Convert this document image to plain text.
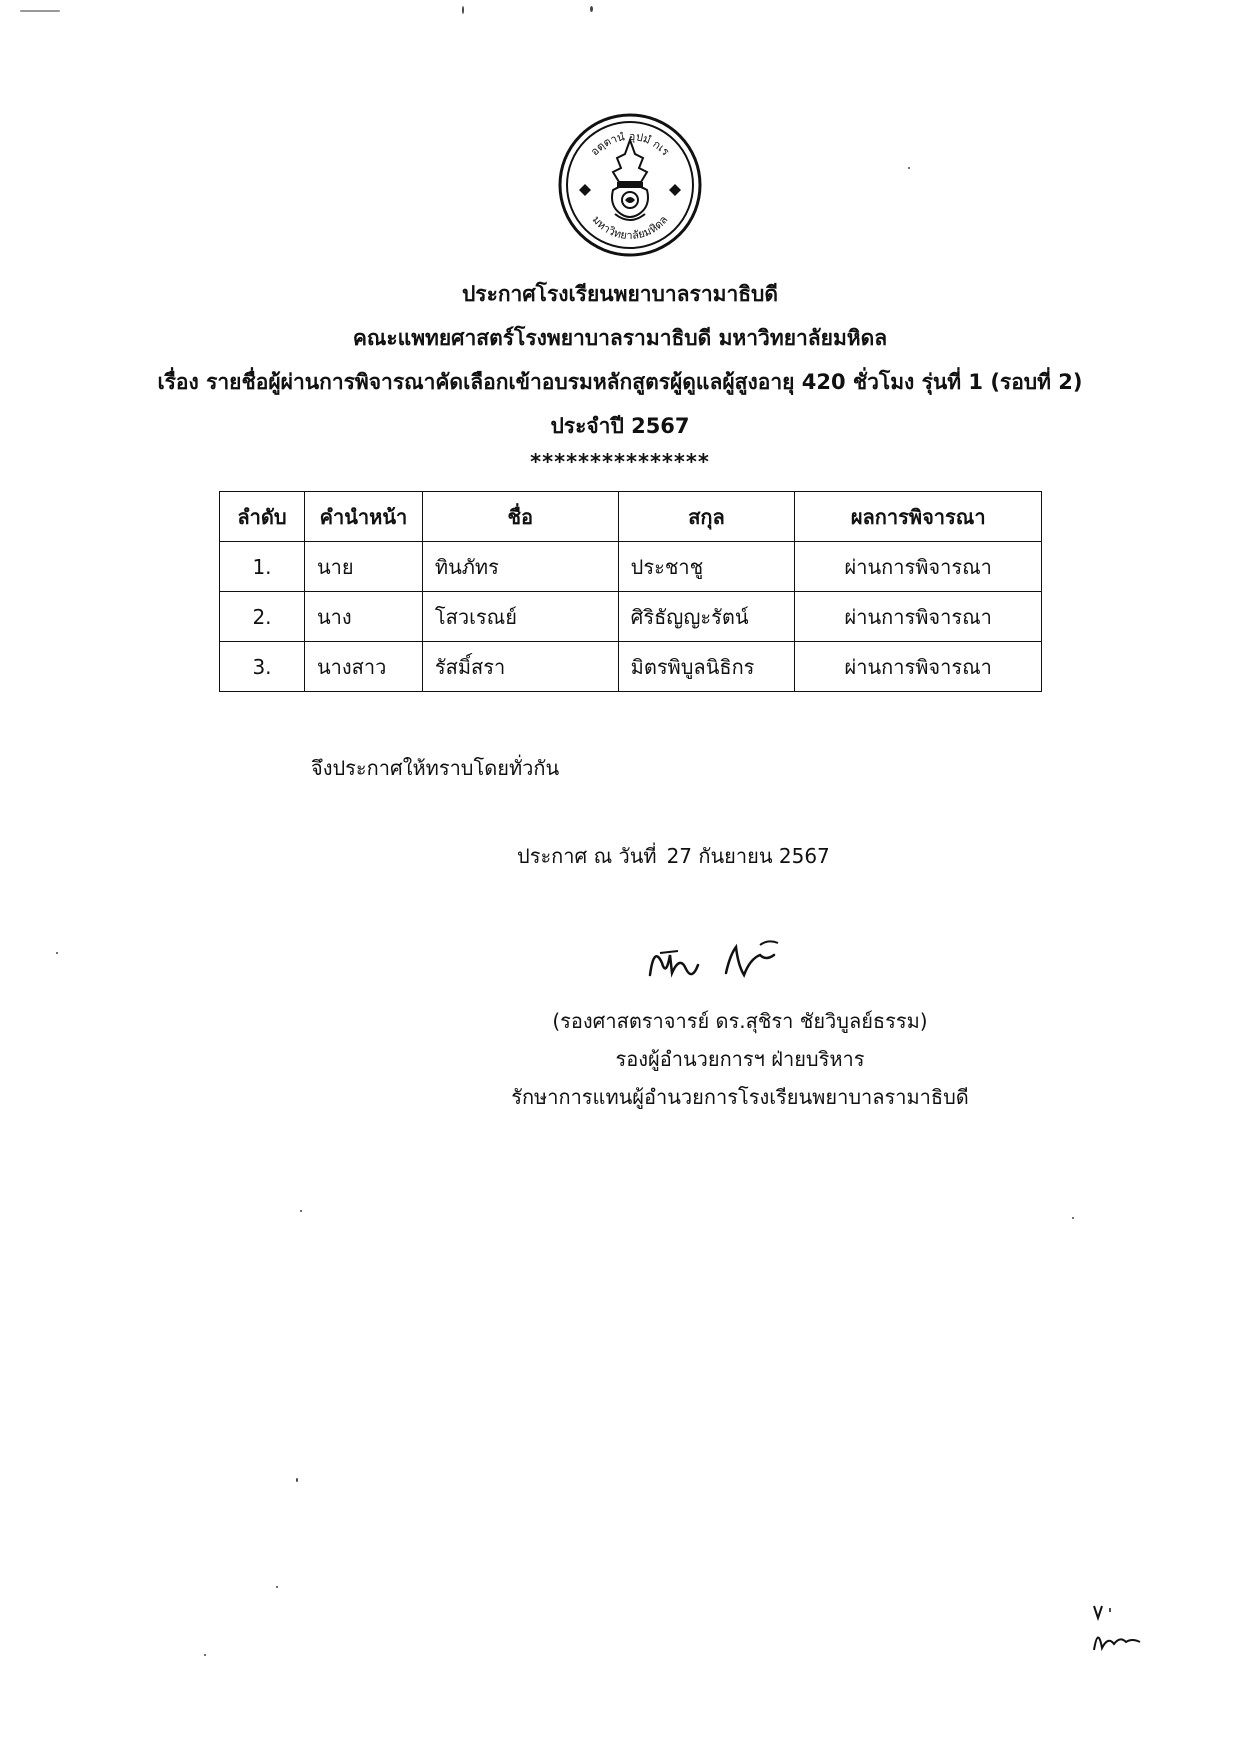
อตฺตานํ อุปมํ กเร
มหาวิทยาลัยมหิดล
ประกาศโรงเรียนพยาบาลรามาธิบดี
คณะแพทยศาสตร์โรงพยาบาลรามาธิบดี มหาวิทยาลัยมหิดล
เรื่อง รายชื่อผู้ผ่านการพิจารณาคัดเลือกเข้าอบรมหลักสูตรผู้ดูแลผู้สูงอายุ 420 ชั่วโมง รุ่นที่ 1 (รอบที่ 2)
ประจำปี 2567
***************
ลำดับ	คำนำหน้า	ชื่อ	สกุล	ผลการพิจารณา
1.	นาย	ทินภัทร	ประชาชู	ผ่านการพิจารณา
2.	นาง	โสวเรณย์	ศิริธัญญะรัตน์	ผ่านการพิจารณา
3.	นางสาว	รัสมิ์สรา	มิตรพิบูลนิธิกร	ผ่านการพิจารณา
จึงประกาศให้ทราบโดยทั่วกัน
ประกาศ ณ วันที่ 27 กันยายน 2567
(รองศาสตราจารย์ ดร.สุชิรา ชัยวิบูลย์ธรรม)
รองผู้อำนวยการฯ ฝ่ายบริหาร
รักษาการแทนผู้อำนวยการโรงเรียนพยาบาลรามาธิบดี
